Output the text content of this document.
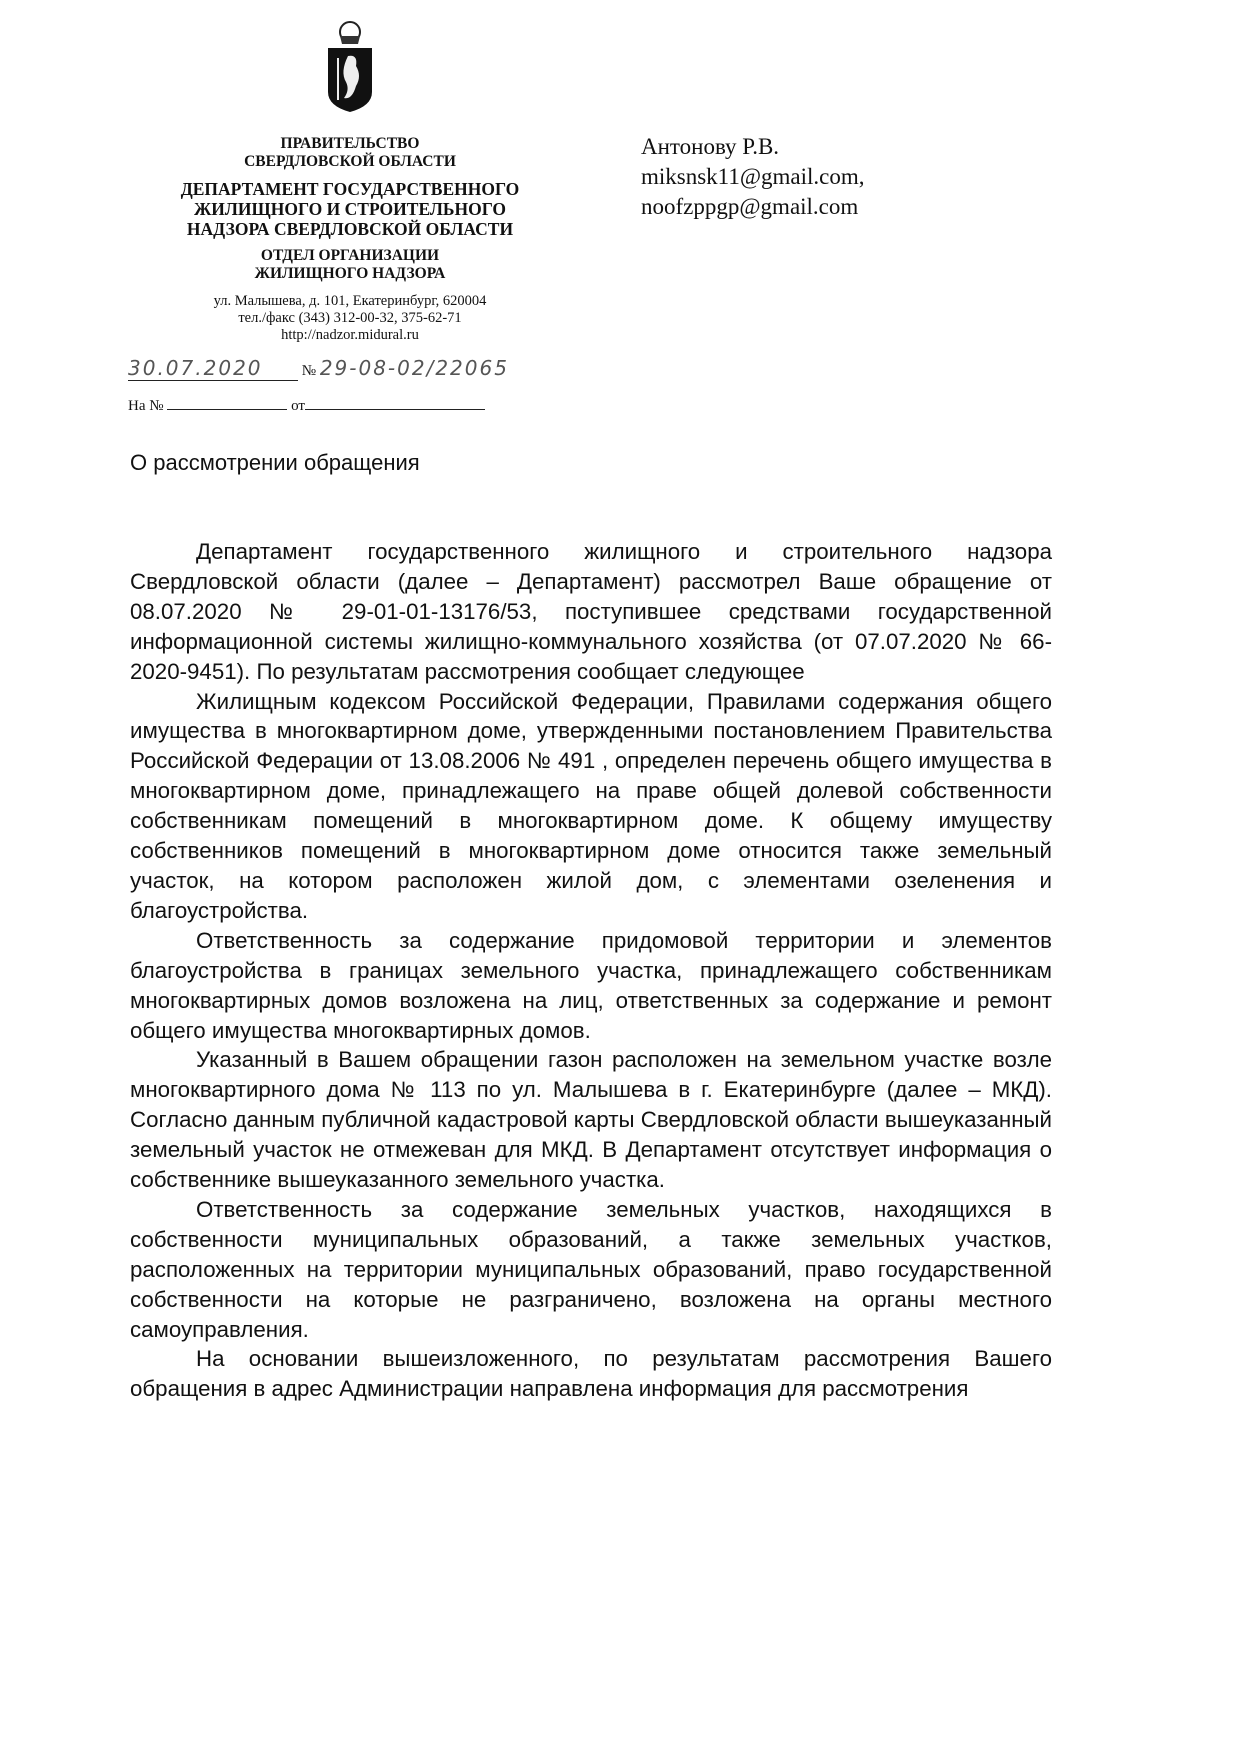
ПРАВИТЕЛЬСТВО
СВЕРДЛОВСКОЙ ОБЛАСТИ
ДЕПАРТАМЕНТ ГОСУДАРСТВЕННОГО
ЖИЛИЩНОГО И СТРОИТЕЛЬНОГО
НАДЗОРА СВЕРДЛОВСКОЙ ОБЛАСТИ
ОТДЕЛ ОРГАНИЗАЦИИ
ЖИЛИЩНОГО НАДЗОРА
ул. Малышева, д. 101, Екатеринбург, 620004
тел./факс (343) 312-00-32, 375-62-71
http://nadzor.midural.ru
30.07.2020	№ 29-08-02/22065
На №	от
Антонову Р.В.
miksnsk11@gmail.com,
noofzppgp@gmail.com
О рассмотрении обращения

Департамент государственного жилищного и строительного надзора Свердловской области (далее – Департамент) рассмотрел Ваше обращение от 08.07.2020 № 29-01-01-13176/53, поступившее средствами государственной информационной системы жилищно-коммунального хозяйства (от 07.07.2020 № 66-2020-9451). По результатам рассмотрения сообщает следующее

Жилищным кодексом Российской Федерации, Правилами содержания общего имущества в многоквартирном доме, утвержденными постановлением Правительства Российской Федерации от 13.08.2006 № 491 , определен перечень общего имущества в многоквартирном доме, принадлежащего на праве общей долевой собственности собственникам помещений в многоквартирном доме. К общему имуществу собственников помещений в многоквартирном доме относится также земельный участок, на котором расположен жилой дом, с элементами озеленения и благоустройства.

Ответственность за содержание придомовой территории и элементов благоустройства в границах земельного участка, принадлежащего собственникам многоквартирных домов возложена на лиц, ответственных за содержание и ремонт общего имущества многоквартирных домов.

Указанный в Вашем обращении газон расположен на земельном участке возле многоквартирного дома № 113 по ул. Малышева в г. Екатеринбурге (далее – МКД). Согласно данным публичной кадастровой карты Свердловской области вышеуказанный земельный участок не отмежеван для МКД. В Департамент отсутствует информация о собственнике вышеуказанного земельного участка.

Ответственность за содержание земельных участков, находящихся в собственности муниципальных образований, а также земельных участков, расположенных на территории муниципальных образований, право государственной собственности на которые не разграничено, возложена на органы местного самоуправления.

На основании вышеизложенного, по результатам рассмотрения Вашего обращения в адрес Администрации направлена информация для рассмотрения
